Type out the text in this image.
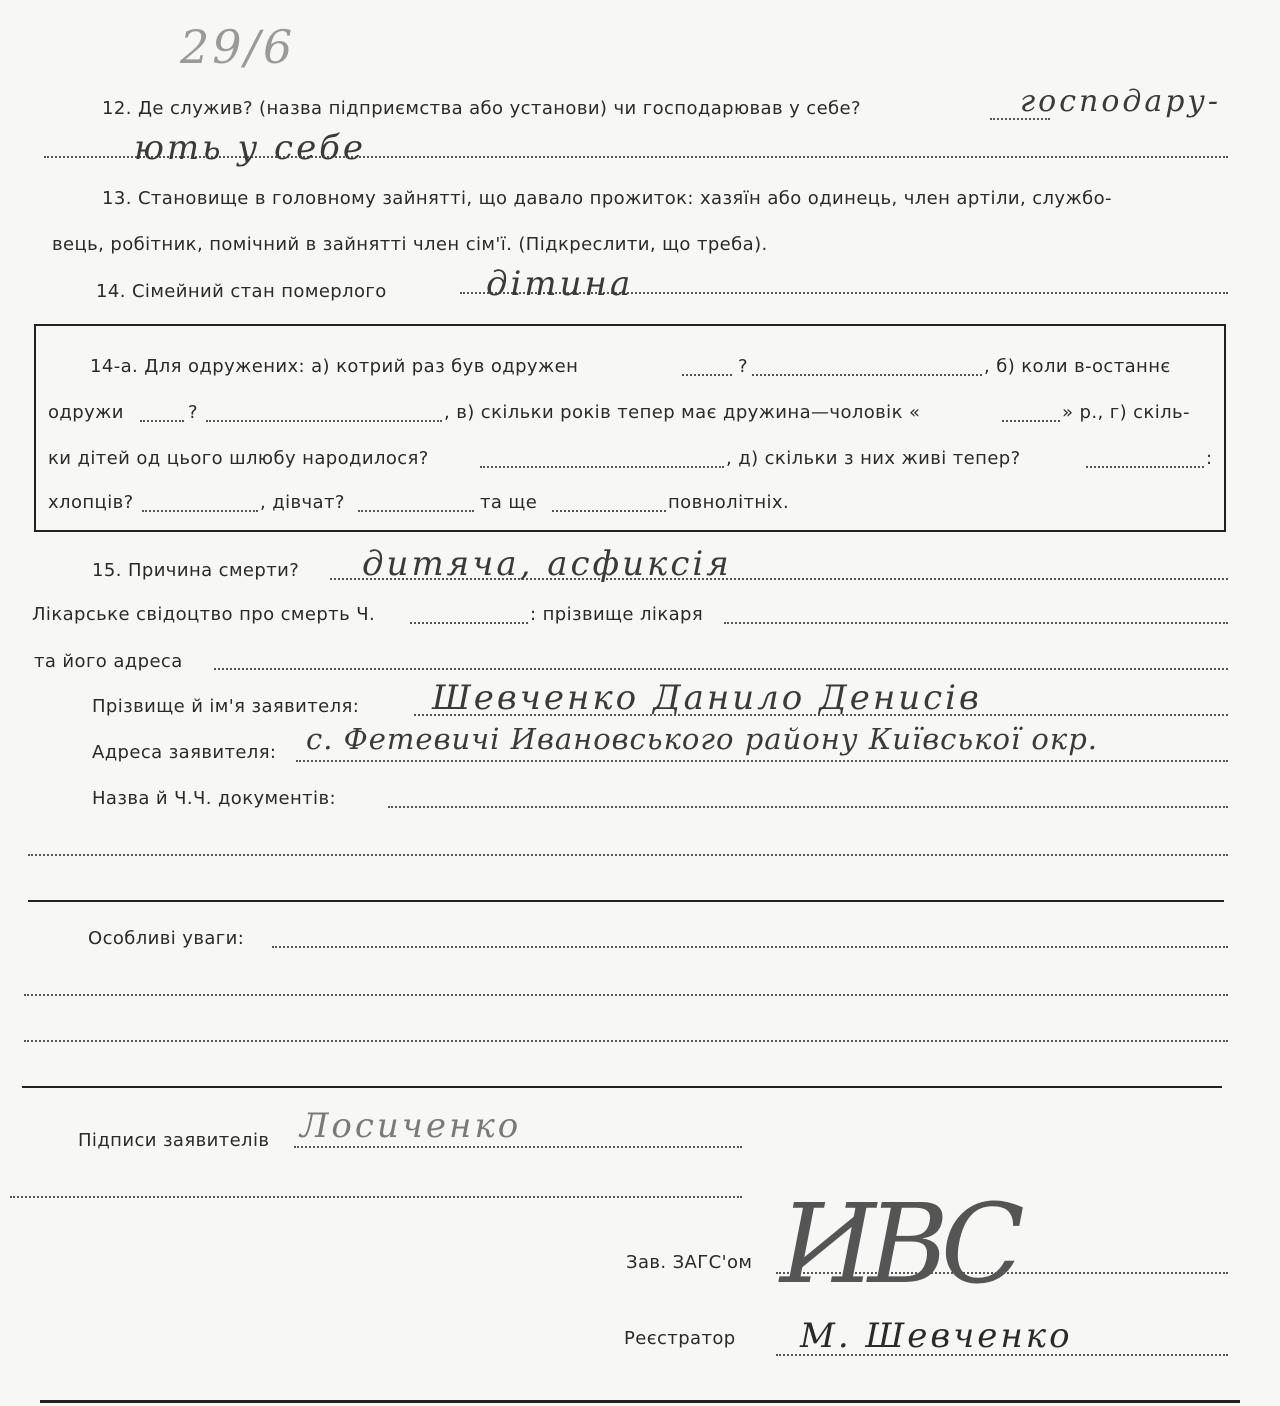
29/6
12. Де служив? (назва підприємства або установи) чи господарював у себе?	господару-
ють у себе
13. Становище в головному зайнятті, що давало прожиток: хазяїн або одинець, член артіли, службо-
вець, робітник, помічний в зайнятті член сім'ї. (Підкреслити, що треба).
14. Сімейний стан померлого	дітина
14-а. Для одружених: а) котрий раз був одружен	?	, б) коли в-останнє
одружи	?	, в) скільки років тепер має дружина—чоловік «	» р., г) скіль-
ки дітей од цього шлюбу народилося?	, д) скільки з них живі тепер?	:
хлопців?	, дівчат?	та ще	повнолітніх.
15. Причина смерти? дитяча, асфиксія
Лікарське свідоцтво про смерть Ч.	: прізвище лікаря
та його адреса
Прізвище й ім'я заявителя: Шевченко Данило Денисів
Адреса заявителя: с. Фетевичі Ивановського району Київської окр.
Назва й Ч.Ч. документів:
Особливі уваги:
Підписи заявителів Лосиченко
Зав. ЗАГС'ом ИВС
Реєстратор М. Шевченко
